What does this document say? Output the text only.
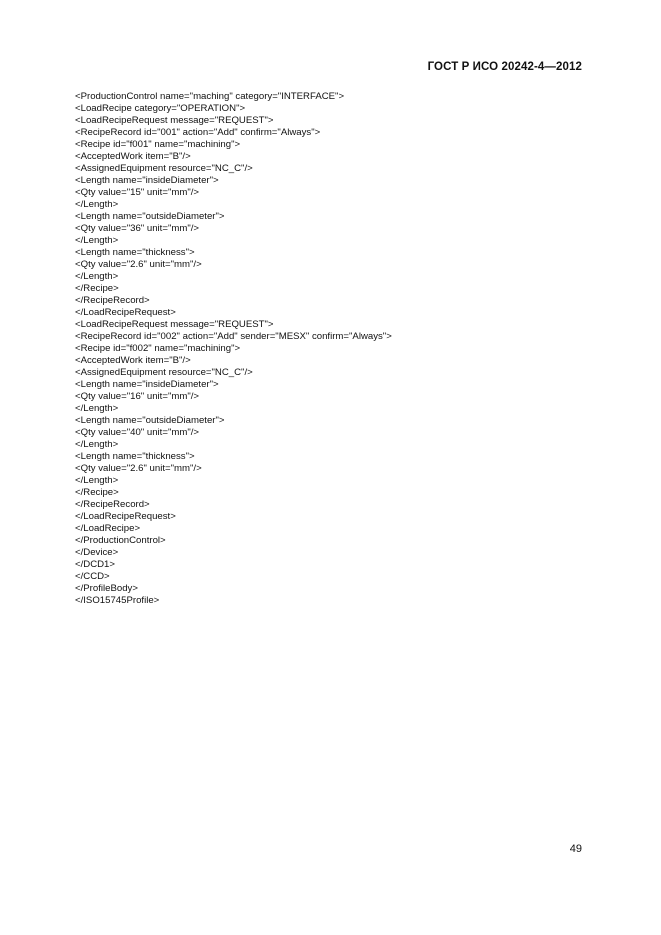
ГОСТ Р ИСО 20242-4—2012
<ProductionControl name="maching" category="INTERFACE">
<LoadRecipe category="OPERATION">
<LoadRecipeRequest message="REQUEST">
<RecipeRecord id="001" action="Add" confirm="Always">
<Recipe id="f001" name="machining">
<AcceptedWork item="B"/>
<AssignedEquipment resource="NC_C"/>
<Length name="insideDiameter">
<Qty value="15" unit="mm"/>
</Length>
<Length name="outsideDiameter">
<Qty value="36" unit="mm"/>
</Length>
<Length name="thickness">
<Qty value="2.6" unit="mm"/>
</Length>
</Recipe>
</RecipeRecord>
</LoadRecipeRequest>
<LoadRecipeRequest message="REQUEST">
<RecipeRecord id="002" action="Add" sender="MESX" confirm="Always">
<Recipe id="f002" name="machining">
<AcceptedWork item="B"/>
<AssignedEquipment resource="NC_C"/>
<Length name="insideDiameter">
<Qty value="16" unit="mm"/>
</Length>
<Length name="outsideDiameter">
<Qty value="40" unit="mm"/>
</Length>
<Length name="thickness">
<Qty value="2.6" unit="mm"/>
</Length>
</Recipe>
</RecipeRecord>
</LoadRecipeRequest>
</LoadRecipe>
</ProductionControl>
</Device>
</DCD1>
</CCD>
</ProfileBody>
</ISO15745Profile>
49
